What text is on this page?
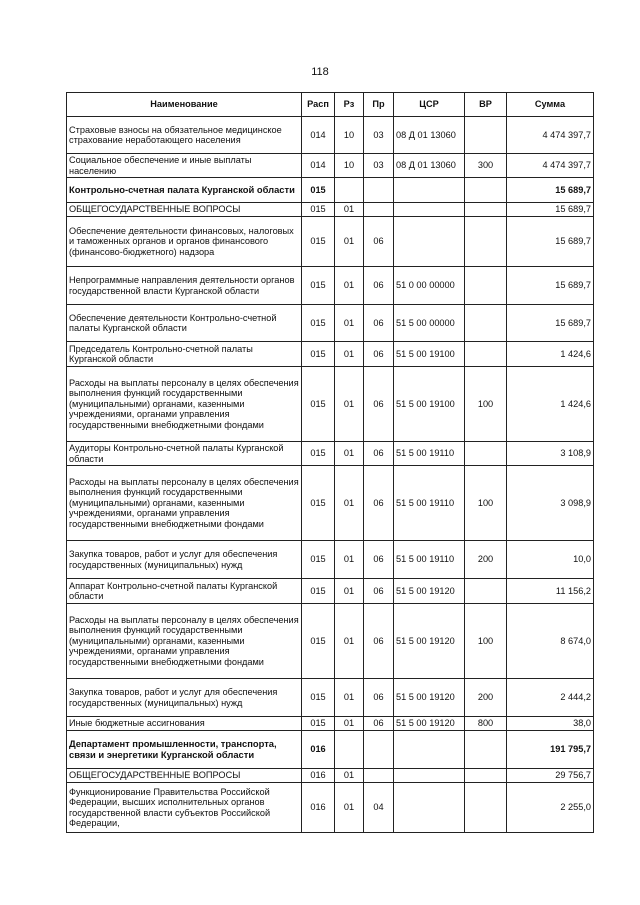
118
Наименование	Расп	Рз	Пр	ЦСР	ВР	Сумма
Страховые взносы на обязательное медицинское страхование неработающего населения	014	10	03	08 Д 01 13060		4 474 397,7
Социальное обеспечение и иные выплаты населению	014	10	03	08 Д 01 13060	300	4 474 397,7
Контрольно-счетная палата Курганской области	015					15 689,7
ОБЩЕГОСУДАРСТВЕННЫЕ ВОПРОСЫ	015	01				15 689,7
Обеспечение деятельности финансовых, налоговых и таможенных органов и органов финансового (финансово-бюджетного) надзора	015	01	06			15 689,7
Непрограммные направления деятельности органов государственной власти Курганской области	015	01	06	51 0 00 00000		15 689,7
Обеспечение деятельности Контрольно-счетной палаты Курганской области	015	01	06	51 5 00 00000		15 689,7
Председатель Контрольно-счетной палаты Курганской области	015	01	06	51 5 00 19100		1 424,6
Расходы на выплаты персоналу в целях обеспечения выполнения функций государственными (муниципальными) органами, казенными учреждениями, органами управления государственными внебюджетными фондами	015	01	06	51 5 00 19100	100	1 424,6
Аудиторы Контрольно-счетной палаты Курганской области	015	01	06	51 5 00 19110		3 108,9
Расходы на выплаты персоналу в целях обеспечения выполнения функций государственными (муниципальными) органами, казенными учреждениями, органами управления государственными внебюджетными фондами	015	01	06	51 5 00 19110	100	3 098,9
Закупка товаров, работ и услуг для обеспечения государственных (муниципальных) нужд	015	01	06	51 5 00 19110	200	10,0
Аппарат Контрольно-счетной палаты Курганской области	015	01	06	51 5 00 19120		11 156,2
Расходы на выплаты персоналу в целях обеспечения выполнения функций государственными (муниципальными) органами, казенными учреждениями, органами управления государственными внебюджетными фондами	015	01	06	51 5 00 19120	100	8 674,0
Закупка товаров, работ и услуг для обеспечения государственных (муниципальных) нужд	015	01	06	51 5 00 19120	200	2 444,2
Иные бюджетные ассигнования	015	01	06	51 5 00 19120	800	38,0
Департамент промышленности, транспорта, связи и энергетики Курганской области	016					191 795,7
ОБЩЕГОСУДАРСТВЕННЫЕ ВОПРОСЫ	016	01				29 756,7
Функционирование Правительства Российской Федерации, высших исполнительных органов государственной власти субъектов Российской Федерации,	016	01	04			2 255,0
